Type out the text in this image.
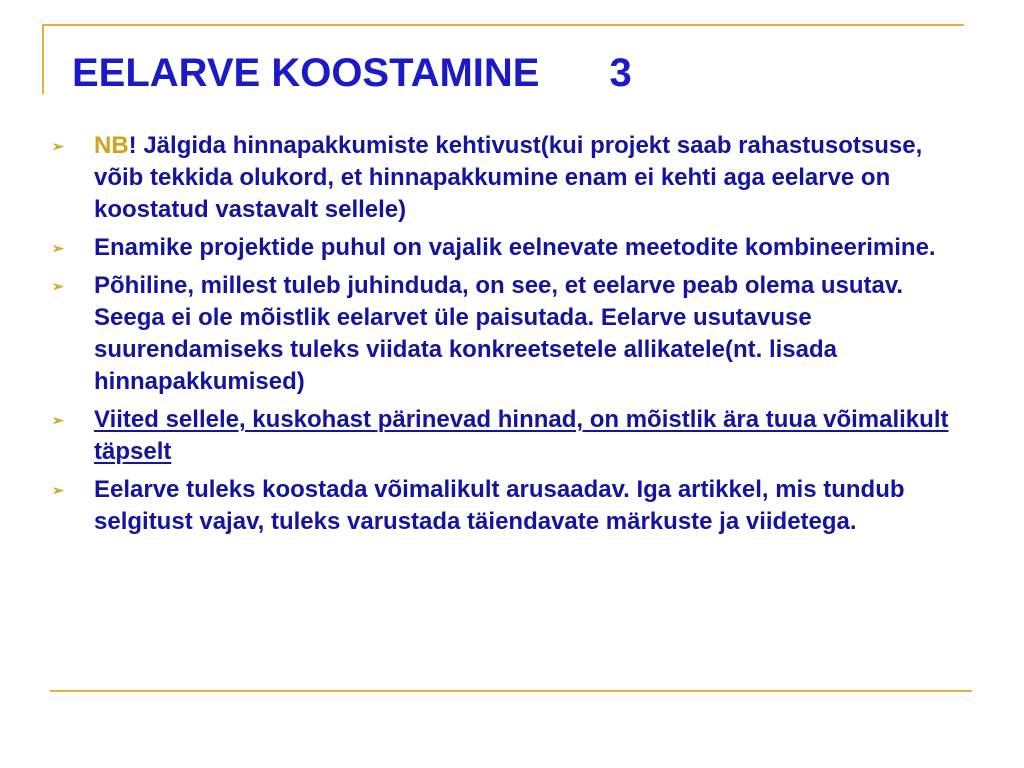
EELARVE KOOSTAMINE 3
➢ NB! Jälgida hinnapakkumiste kehtivust(kui projekt saab rahastusotsuse, võib tekkida olukord, et hinnapakkumine enam ei kehti aga eelarve on koostatud vastavalt sellele)
➢ Enamike projektide puhul on vajalik eelnevate meetodite kombineerimine.
➢ Põhiline, millest tuleb juhinduda, on see, et eelarve peab olema usutav. Seega ei ole mõistlik eelarvet üle paisutada. Eelarve usutavuse suurendamiseks tuleks viidata konkreetsetele allikatele(nt. lisada hinnapakkumised)
➢ Viited sellele, kuskohast pärinevad hinnad, on mõistlik ära tuua võimalikult täpselt
➢ Eelarve tuleks koostada võimalikult arusaadav. Iga artikkel, mis tundub selgitust vajav, tuleks varustada täiendavate märkuste ja viidetega.
